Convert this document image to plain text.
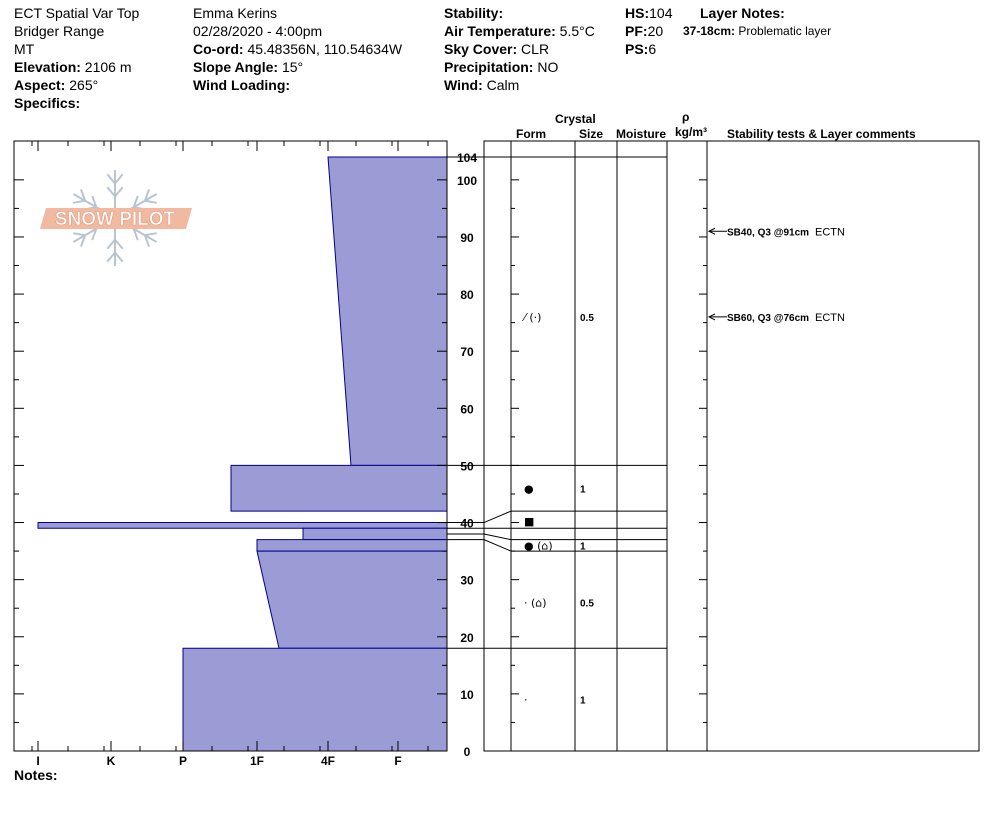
ECT Spatial Var Top
Bridger Range
MT
Elevation: 2106 m
Aspect: 265°
Specifics:
Emma Kerins
02/28/2020 - 4:00pm
Co-ord: 45.48356N, 110.54634W
Slope Angle: 15°
Wind Loading:
Stability:
Air Temperature: 5.5°C
Sky Cover: CLR
Precipitation: NO
Wind: Calm
HS:104
PF:20
PS:6
Layer Notes:
37-18cm: Problematic layer
Crystal
Form	Size Moisture
ρ
kg/m³ Stability tests & Layer comments
Notes:
SNOW PILOT
I	K	P	1F	4F	F
0
10
20
30
40
50
60
70
80
90
100
104
⁄ (·)	0.5
●	1
■
● (⌂)	1
· (⌂)	0.5
·	1
SB40, Q3 @91cm ECTN
SB60, Q3 @76cm ECTN
